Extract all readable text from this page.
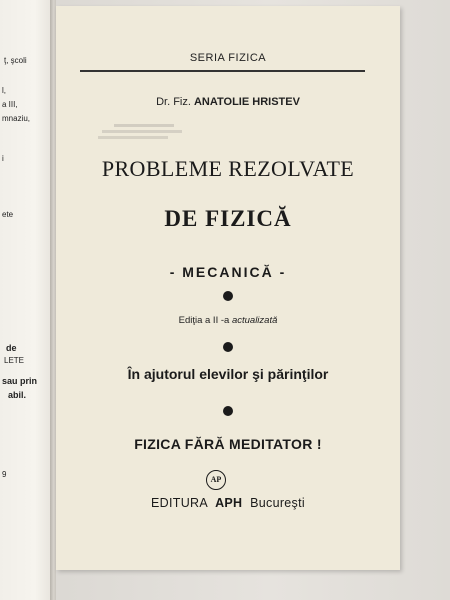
ţ, şcoli
l,
a III,
mnaziu,
i
ete
de
LETE
sau prin
abil.
9
SERIA FIZICA
Dr. Fiz. ANATOLIE HRISTEV
PROBLEME REZOLVATE
DE FIZICĂ
- MECANICĂ -
Ediţia a II -a actualizată
În ajutorul elevilor şi părinţilor
FIZICA FĂRĂ MEDITATOR !
AP
EDITURA APH Bucureşti
